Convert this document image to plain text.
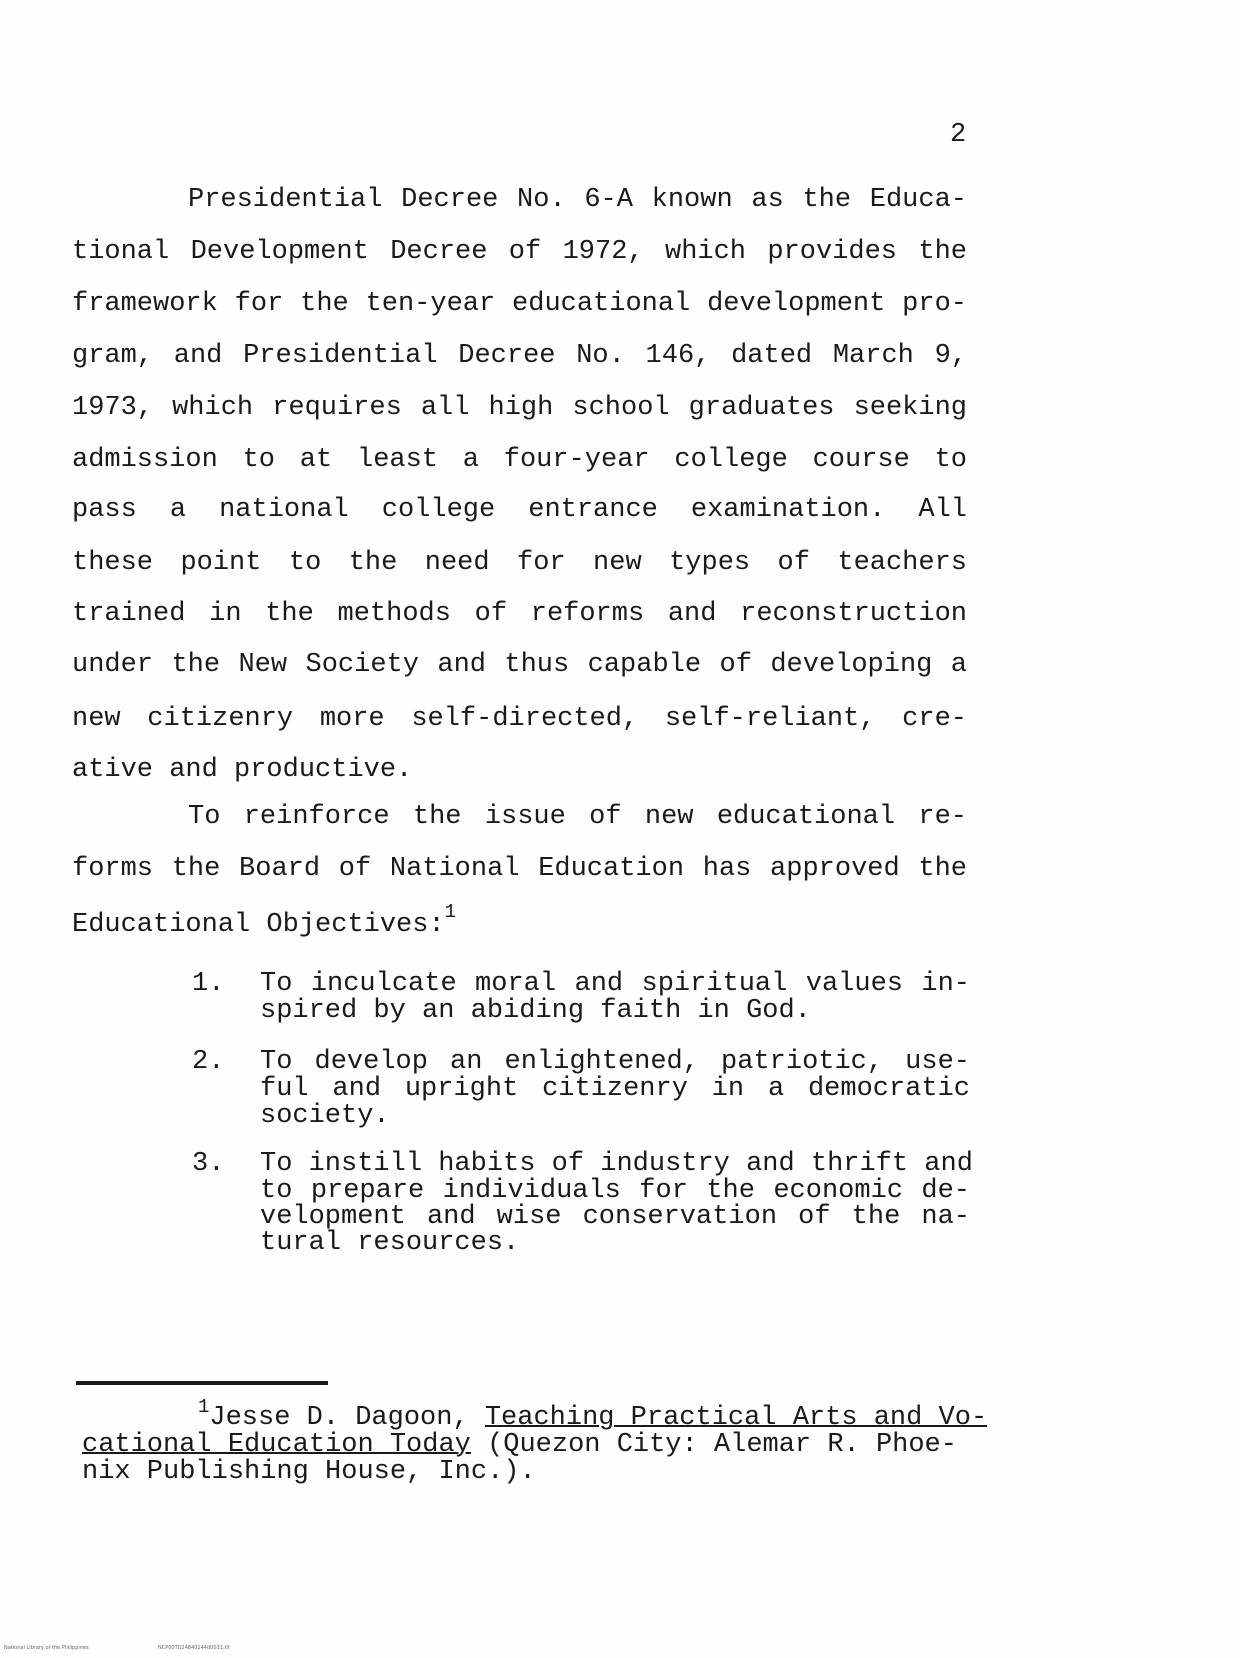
2
Presidential Decree No. 6-A known as the Educa-
tional Development Decree of 1972, which provides the
framework for the ten-year educational development pro-
gram, and Presidential Decree No. 146, dated March 9,
1973, which requires all high school graduates seeking
admission to at least a four-year college course to
pass a national college entrance examination. All
these point to the need for new types of teachers
trained in the methods of reforms and reconstruction
under the New Society and thus capable of developing a
new citizenry more self-directed, self-reliant, cre-
ative and productive.
To reinforce the issue of new educational re-
forms the Board of National Education has approved the
Educational Objectives:$^1$
1. To inculcate moral and spiritual values in-
spired by an abiding faith in God.
2. To develop an enlightened, patriotic, use-
ful and upright citizenry in a democratic
society.
3. To instill habits of industry and thrift and
to prepare individuals for the economic de-
velopment and wise conservation of the na-
tural resources.
$^1$Jesse D. Dagoon, Teaching Practical Arts and Vo-
cational Education Today (Quezon City: Alemar R. Phoe-
nix Publishing House, Inc.).
National Library of the Philippines	NCP00TD24840144d0031.tif
